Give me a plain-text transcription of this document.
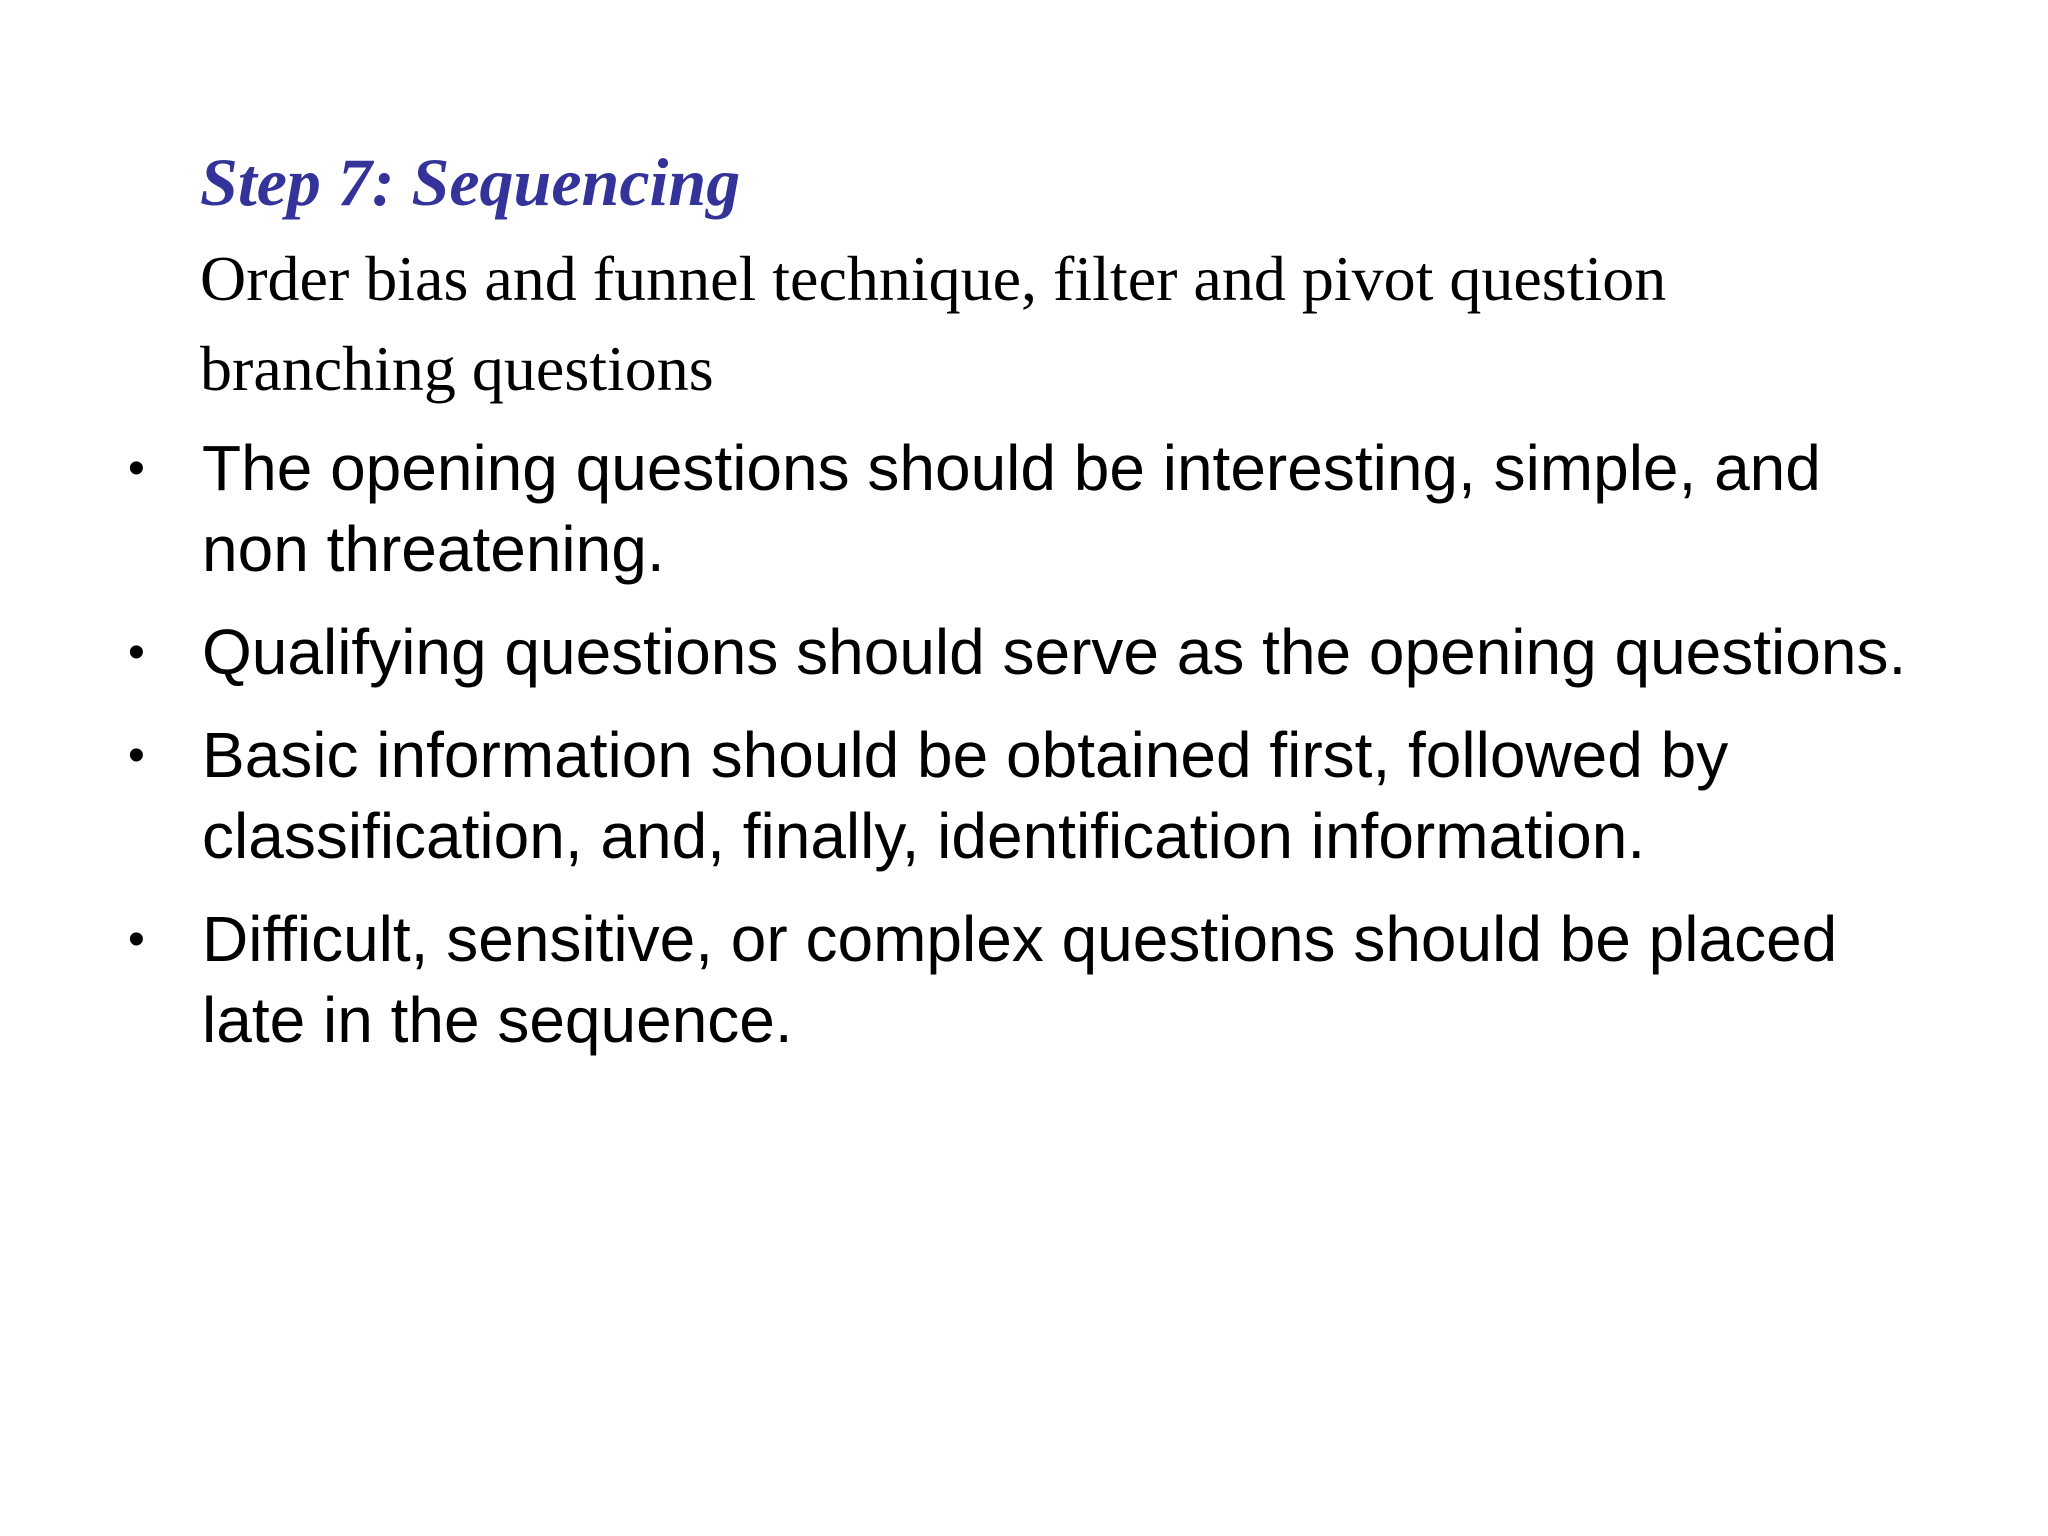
Step 7: Sequencing
Order bias and funnel technique, filter and pivot question branching questions
• The opening questions should be interesting, simple, and non threatening.
• Qualifying questions should serve as the opening questions.
• Basic information should be obtained first, followed by classification, and, finally, identification information.
• Difficult, sensitive, or complex questions should be placed late in the sequence.
